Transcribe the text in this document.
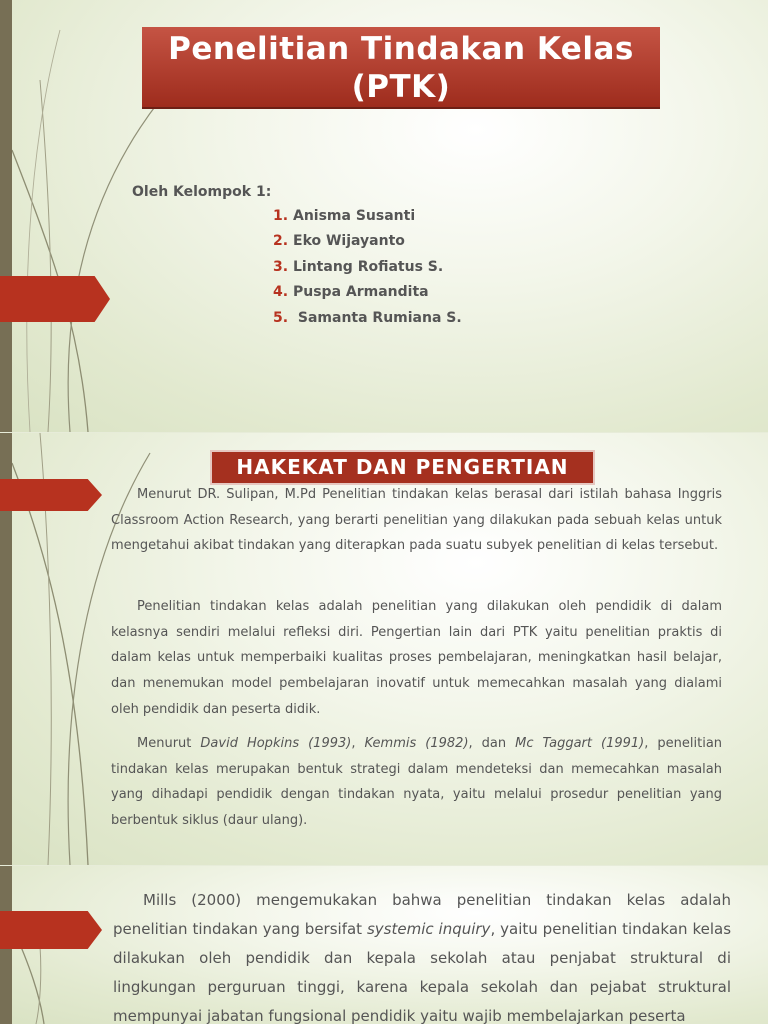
Penelitian Tindakan Kelas
(PTK)
Oleh Kelompok 1:
1. Anisma Susanti
2. Eko Wijayanto
3. Lintang Rofiatus S.
4. Puspa Armandita
5. Samanta Rumiana S.
HAKEKAT DAN PENGERTIAN

Menurut DR. Sulipan, M.Pd Penelitian tindakan kelas berasal dari istilah bahasa Inggris Classroom Action Research, yang berarti penelitian yang dilakukan pada sebuah kelas untuk mengetahui akibat tindakan yang diterapkan pada suatu subyek penelitian di kelas tersebut.

Penelitian tindakan kelas adalah penelitian yang dilakukan oleh pendidik di dalam kelasnya sendiri melalui refleksi diri. Pengertian lain dari PTK yaitu penelitian praktis di dalam kelas untuk memperbaiki kualitas proses pembelajaran, meningkatkan hasil belajar, dan menemukan model pembelajaran inovatif untuk memecahkan masalah yang dialami oleh pendidik dan peserta didik.

Menurut David Hopkins (1993), Kemmis (1982), dan Mc Taggart (1991), penelitian tindakan kelas merupakan bentuk strategi dalam mendeteksi dan memecahkan masalah yang dihadapi pendidik dengan tindakan nyata, yaitu melalui prosedur penelitian yang berbentuk siklus (daur ulang).

Mills (2000) mengemukakan bahwa penelitian tindakan kelas adalah penelitian tindakan yang bersifat systemic inquiry, yaitu penelitian tindakan kelas dilakukan oleh pendidik dan kepala sekolah atau penjabat struktural di lingkungan perguruan tinggi, karena kepala sekolah dan pejabat struktural mempunyai jabatan fungsional pendidik yaitu wajib membelajarkan peserta
